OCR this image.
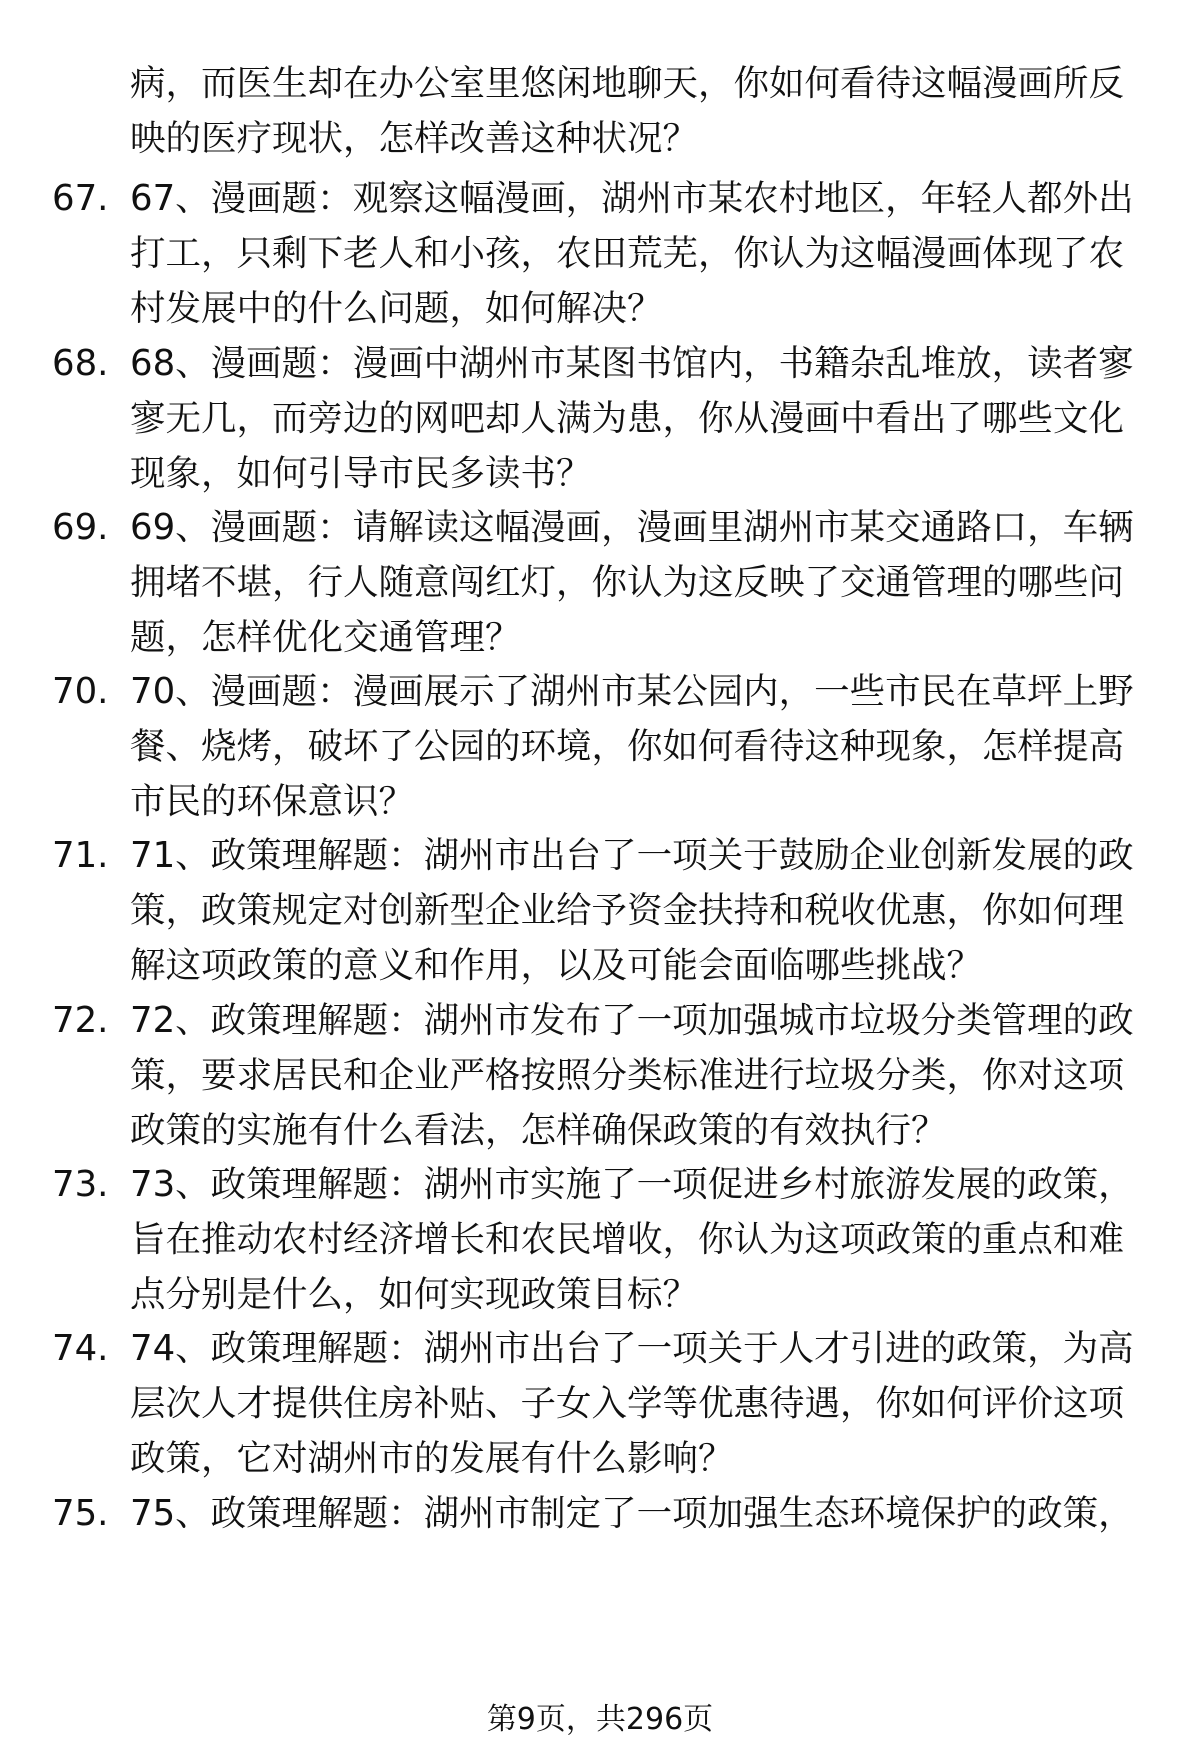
病，而医生却在办公室里悠闲地聊天，你如何看待这幅漫画所反映的医疗现状，怎样改善这种状况？
67. 67、漫画题：观察这幅漫画，湖州市某农村地区，年轻人都外出打工，只剩下老人和小孩，农田荒芜，你认为这幅漫画体现了农村发展中的什么问题，如何解决？
68. 68、漫画题：漫画中湖州市某图书馆内，书籍杂乱堆放，读者寥寥无几，而旁边的网吧却人满为患，你从漫画中看出了哪些文化现象，如何引导市民多读书？
69. 69、漫画题：请解读这幅漫画，漫画里湖州市某交通路口，车辆拥堵不堪，行人随意闯红灯，你认为这反映了交通管理的哪些问题，怎样优化交通管理？
70. 70、漫画题：漫画展示了湖州市某公园内，一些市民在草坪上野餐、烧烤，破坏了公园的环境，你如何看待这种现象，怎样提高市民的环保意识？
71. 71、政策理解题：湖州市出台了一项关于鼓励企业创新发展的政策，政策规定对创新型企业给予资金扶持和税收优惠，你如何理解这项政策的意义和作用，以及可能会面临哪些挑战？
72. 72、政策理解题：湖州市发布了一项加强城市垃圾分类管理的政策，要求居民和企业严格按照分类标准进行垃圾分类，你对这项政策的实施有什么看法，怎样确保政策的有效执行？
73. 73、政策理解题：湖州市实施了一项促进乡村旅游发展的政策，旨在推动农村经济增长和农民增收，你认为这项政策的重点和难点分别是什么，如何实现政策目标？
74. 74、政策理解题：湖州市出台了一项关于人才引进的政策，为高层次人才提供住房补贴、子女入学等优惠待遇，你如何评价这项政策，它对湖州市的发展有什么影响？
75. 75、政策理解题：湖州市制定了一项加强生态环境保护的政策，
第9页，共296页
